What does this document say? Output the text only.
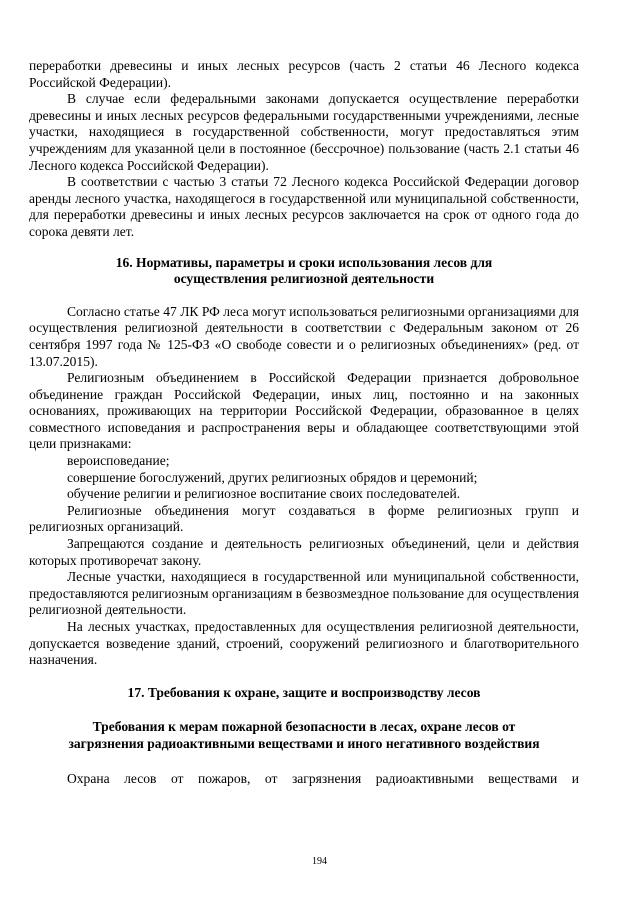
переработки древесины и иных лесных ресурсов (часть 2 статьи 46 Лесного кодекса Российской Федерации).

В случае если федеральными законами допускается осуществление переработки древесины и иных лесных ресурсов федеральными государственными учреждениями, лесные участки, находящиеся в государственной собственности, могут предоставляться этим учреждениям для указанной цели в постоянное (бессрочное) пользование (часть 2.1 статьи 46 Лесного кодекса Российской Федерации).

В соответствии с частью 3 статьи 72 Лесного кодекса Российской Федерации договор аренды лесного участка, находящегося в государственной или муниципальной собственности, для переработки древесины и иных лесных ресурсов заключается на срок от одного года до сорока девяти лет.

16. Нормативы, параметры и сроки использования лесов для
осуществления религиозной деятельности

Согласно статье 47 ЛК РФ леса могут использоваться религиозными организациями для осуществления религиозной деятельности в соответствии с Федеральным законом от 26 сентября 1997 года № 125-ФЗ «О свободе совести и о религиозных объединениях» (ред. от 13.07.2015).

Религиозным объединением в Российской Федерации признается добровольное объединение граждан Российской Федерации, иных лиц, постоянно и на законных основаниях, проживающих на территории Российской Федерации, образованное в целях совместного исповедания и распространения веры и обладающее соответствующими этой цели признаками:

вероисповедание;

совершение богослужений, других религиозных обрядов и церемоний;

обучение религии и религиозное воспитание своих последователей.

Религиозные объединения могут создаваться в форме религиозных групп и религиозных организаций.

Запрещаются создание и деятельность религиозных объединений, цели и действия которых противоречат закону.

Лесные участки, находящиеся в государственной или муниципальной собственности, предоставляются религиозным организациям в безвозмездное пользование для осуществления религиозной деятельности.

На лесных участках, предоставленных для осуществления религиозной деятельности, допускается возведение зданий, строений, сооружений религиозного и благотворительного назначения.

17. Требования к охране, защите и воспроизводству лесов
Требования к мерам пожарной безопасности в лесах, охране лесов от
загрязнения радиоактивными веществами и иного негативного воздействия

Охрана лесов от пожаров, от загрязнения радиоактивными веществами и

194
